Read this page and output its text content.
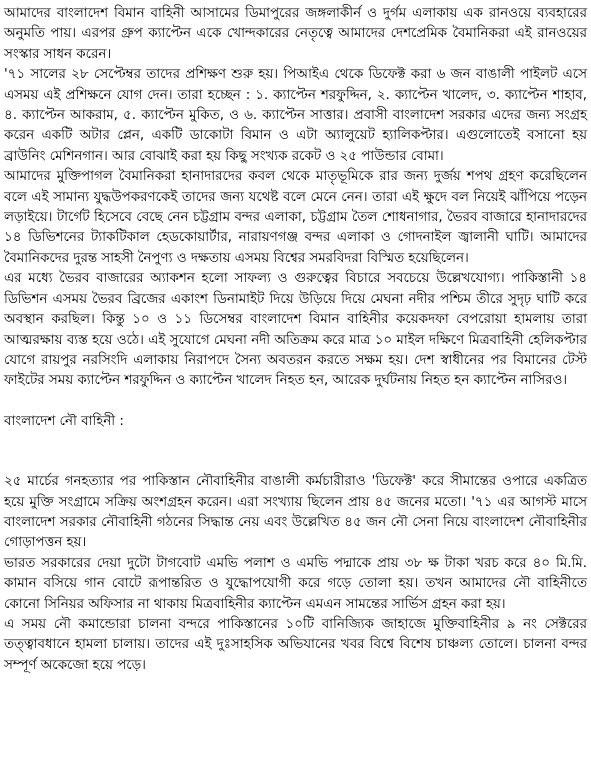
আমাদের বাংলাদেশ বিমান বাহিনী আসামের ডিমাপুরের জঙ্গলাকীর্ন ও দুর্গম এলাকায় এক রানওয়ে ব্যবহারের অনুমতি পায়। এরপর গ্রুপ ক্যাপ্টেন একে খোন্দকারের নেতৃত্বে আমাদের দেশপ্রেমিক বৈমানিকরা এই রানওয়ের সংস্কার সাধন করেন।

'৭১ সালের ২৮ সেপ্টেম্বর তাদের প্রশিক্ষণ শুরু হয়। পিআইএ থেকে ডিফেক্ট করা ৬ জন বাঙালী পাইলট এসে এসময় এই প্রশিক্ষনে যোগ দেন। তারা হচ্ছেন : ১. ক্যাপ্টেন শরফুদ্দিন, ২. ক্যাপ্টেন খালেদ, ৩. ক্যাপ্টেন শাহাব, ৪. ক্যাপ্টেন আকরাম, ৫. ক্যাপ্টেন মুকিত, ও ৬. ক্যাপ্টেন সাত্তার। প্রবাসী বাংলাদেশ সরকার এদের জন্য সংগ্রহ করেন একটি অটার প্লেন, একটি ডাকোটা বিমান ও এটা অ্যালুয়েট হ্যালিকপ্টার। এগুলোতেই বসানো হয় ব্রাউনিং মেশিনগান। আর বোঝাই করা হয় কিছু সংখ্যক রকেট ও ২৫ পাউন্ডার বোমা।

আমাদের মুক্তিপাগল বৈমানিকরা হানাদারদের কবল থেকে মাতৃভূমিকে রার জন্য দুর্জয় শপথ গ্রহণ করেছিলেন বলে এই সামান্য যুদ্ধউপকরণকেই তাদের জন্য যথেষ্ট বলে মেনে নেন। তারা এই ক্ষুদে বল নিয়েই ঝাঁপিয়ে পড়েন লড়াইয়ে। টার্গেট হিসেবে বেছে নেন চট্টগ্রাম বন্দর এলাকা, চট্টগ্রাম তৈল শোধনাগার, ভৈরব বাজারে হানাদারদের ১৪ ডিভিশনের ট্যাকটিকাল হেডকোয়ার্টার, নারায়ণগঞ্জ বন্দর এলাকা ও গোদনাইল জ্বালানী ঘাটি। আমাদের বৈমানিকদের দুরন্ত সাহসী নৈপুণ্য ও দক্ষতায় এসময় বিশ্বের সমরবিদরা বিস্মিত হয়েছিলেন।

এর মধ্যে ভৈরব বাজারের অ্যাকশন হলো সাফল্য ও গুরুত্বের বিচারে সবচেয়ে উল্লেখযোগ্য। পাকিস্তানী ১৪ ডিভিশন এসময় ভৈরব ব্রিজের একাংশ ডিনামাইট দিয়ে উড়িয়ে দিয়ে মেঘনা নদীর পশ্চিম তীরে সুদৃঢ় ঘাটি করে অবস্থান করছিল। কিন্তু ১০ ও ১১ ডিসেম্বর বাংলাদেশ বিমান বাহিনীর কয়েকদফা বেপরোয়া হামলায় তারা আত্মরক্ষায় ব্যস্ত হয়ে ওঠে। এই সুযোগে মেঘনা নদী অতিক্রম করে মাত্র ১০ মাইল দক্ষিণে মিত্রবাহিনী হেলিকপ্টার যোগে রায়পুর নরসিংদি এলাকায় নিরাপদে সৈন্য অবতরন করতে সক্ষম হয়। দেশ স্বাধীনের পর বিমানের টেস্ট ফাইটের সময় ক্যাপ্টেন শরফুদ্দিন ও ক্যাপ্টেন খালেদ নিহত হন, আরেক দুর্ঘটনায় নিহত হন ক্যাপ্টেন নাসিরও।

বাংলাদেশ নৌ বাহিনী :

২৫ মার্চের গনহত্যার পর পাকিস্তান নৌবাহিনীর বাঙালী কর্মচারীরাও 'ডিফেক্ট' করে সীমান্তের ওপারে একত্রিত হয়ে মুক্তি সংগ্রামে সক্রিয় অংশগ্রহন করেন। এরা সংখ্যায় ছিলেন প্রায় ৪৫ জনের মতো। '৭১ এর আগস্ট মাসে বাংলাদেশ সরকার নৌবাহিনী গঠনের সিদ্ধান্ত নেয় এবং উল্লেখিত ৪৫ জন নৌ সেনা নিয়ে বাংলাদেশ নৌবাহিনীর গোড়াপত্তন হয়।

ভারত সরকারের দেয়া দুটো টাগবোট এমভি পলাশ ও এমভি পদ্মাকে প্রায় ৩৮ ক্ষ টাকা খরচ করে ৪০ মি.মি. কামান বসিয়ে গান বোটে রূপান্তরিত ও যুদ্ধোপযোগী করে গড়ে তোলা হয়। তখন আমাদের নৌ বাহিনীতে কোনো সিনিয়র অফিসার না থাকায় মিত্রবাহিনীর ক্যাপ্টেন এমএন সামন্তের সার্ভিস গ্রহন করা হয়।

এ সময় নৌ কমান্ডোরা চালনা বন্দরে পাকিস্তানের ১০টি বানিজ্যিক জাহাজে মুক্তিবাহিনীর ৯ নং সেক্টরের তত্ত্বাবধানে হামলা চালায়। তাদের এই দুঃসাহসিক অভিযানের খবর বিশ্বে বিশেষ চাঞ্চল্য তোলে। চালনা বন্দর সম্পূর্ণ অকেজো হয়ে পড়ে।
